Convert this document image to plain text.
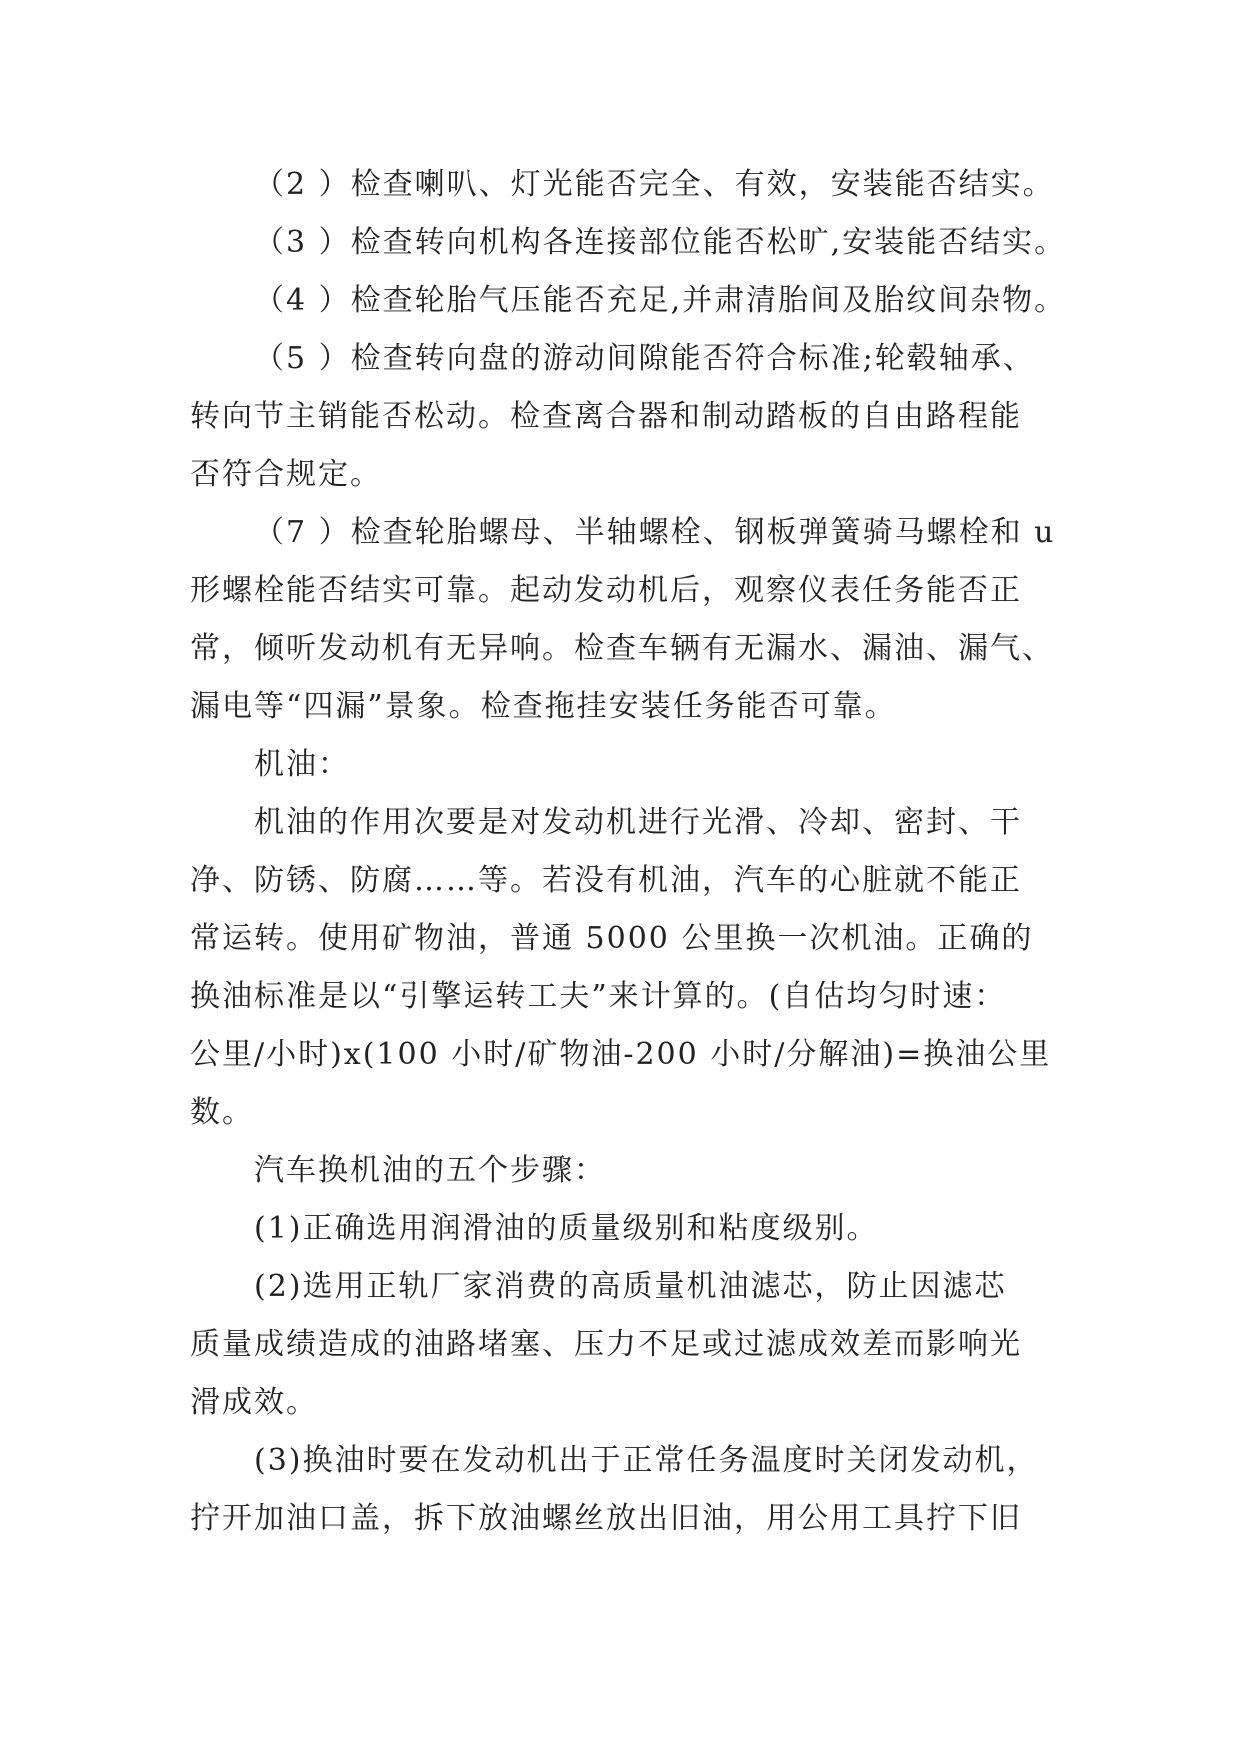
（2 ）检查喇叭、灯光能否完全、有效，安装能否结实。
（3 ）检查转向机构各连接部位能否松旷,安装能否结实。
（4 ）检查轮胎气压能否充足,并肃清胎间及胎纹间杂物。
（5 ）检查转向盘的游动间隙能否符合标准;轮毂轴承、
转向节主销能否松动。检查离合器和制动踏板的自由路程能
否符合规定。
（7 ）检查轮胎螺母、半轴螺栓、钢板弹簧骑马螺栓和 u
形螺栓能否结实可靠。起动发动机后，观察仪表任务能否正
常，倾听发动机有无异响。检查车辆有无漏水、漏油、漏气、
漏电等“四漏”景象。检查拖挂安装任务能否可靠。
机油：
机油的作用次要是对发动机进行光滑、冷却、密封、干
净、防锈、防腐……等。若没有机油，汽车的心脏就不能正
常运转。使用矿物油，普通 5000 公里换一次机油。正确的
换油标准是以“引擎运转工夫”来计算的。(自估均匀时速：
公里/小时)x(100 小时/矿物油-200 小时/分解油)=换油公里
数。
汽车换机油的五个步骤：
(1)正确选用润滑油的质量级别和粘度级别。
(2)选用正轨厂家消费的高质量机油滤芯，防止因滤芯
质量成绩造成的油路堵塞、压力不足或过滤成效差而影响光
滑成效。
(3)换油时要在发动机出于正常任务温度时关闭发动机，
拧开加油口盖，拆下放油螺丝放出旧油，用公用工具拧下旧
